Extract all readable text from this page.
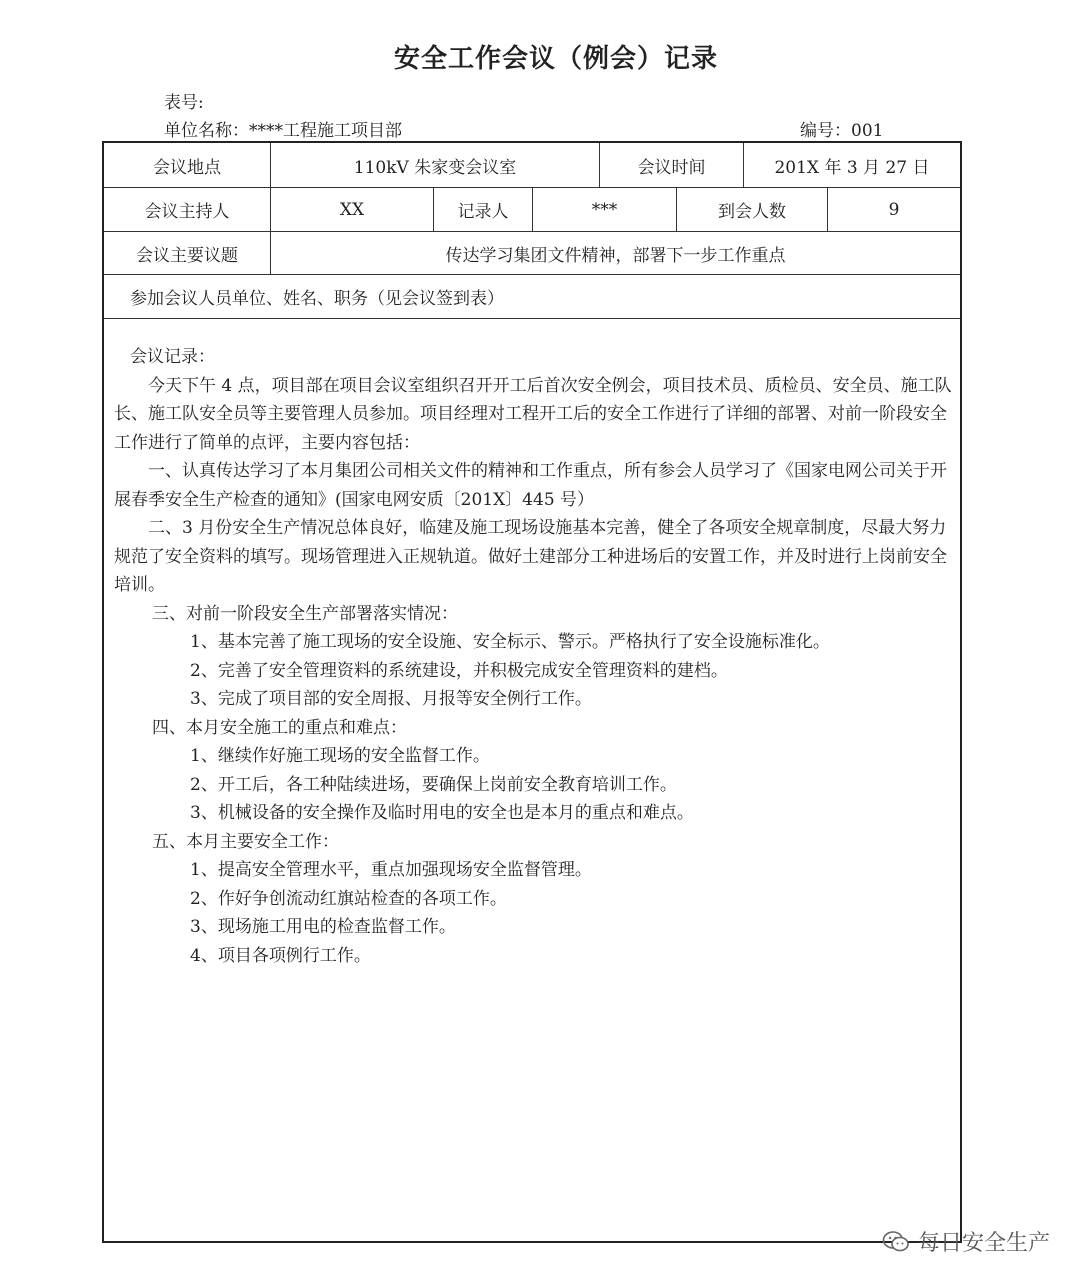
安全工作会议（例会）记录
表号:
单位名称：****工程施工项目部	编号：001
会议地点	110kV 朱家变会议室	会议时间	201X 年 3 月 27 日
会议主持人	XX	记录人	***	到会人数	9
会议主要议题	传达学习集团文件精神，部署下一步工作重点
参加会议人员单位、姓名、职务（见会议签到表）

会议记录：

今天下午 4 点，项目部在项目会议室组织召开开工后首次安全例会，项目技术员、质检员、安全员、施工队长、施工队安全员等主要管理人员参加。项目经理对工程开工后的安全工作进行了详细的部署、对前一阶段安全工作进行了简单的点评，主要内容包括：

一、认真传达学习了本月集团公司相关文件的精神和工作重点，所有参会人员学习了《国家电网公司关于开展春季安全生产检查的通知》(国家电网安质〔201X〕445 号）

二、3 月份安全生产情况总体良好，临建及施工现场设施基本完善，健全了各项安全规章制度，尽最大努力规范了安全资料的填写。现场管理进入正规轨道。做好土建部分工种进场后的安置工作，并及时进行上岗前安全培训。

三、对前一阶段安全生产部署落实情况：

1、基本完善了施工现场的安全设施、安全标示、警示。严格执行了安全设施标准化。

2、完善了安全管理资料的系统建设，并积极完成安全管理资料的建档。

3、完成了项目部的安全周报、月报等安全例行工作。

四、本月安全施工的重点和难点：

1、继续作好施工现场的安全监督工作。

2、开工后，各工种陆续进场，要确保上岗前安全教育培训工作。

3、机械设备的安全操作及临时用电的安全也是本月的重点和难点。

五、本月主要安全工作：

1、提高安全管理水平，重点加强现场安全监督管理。

2、作好争创流动红旗站检查的各项工作。

3、现场施工用电的检查监督工作。

4、项目各项例行工作。

每日安全生产
